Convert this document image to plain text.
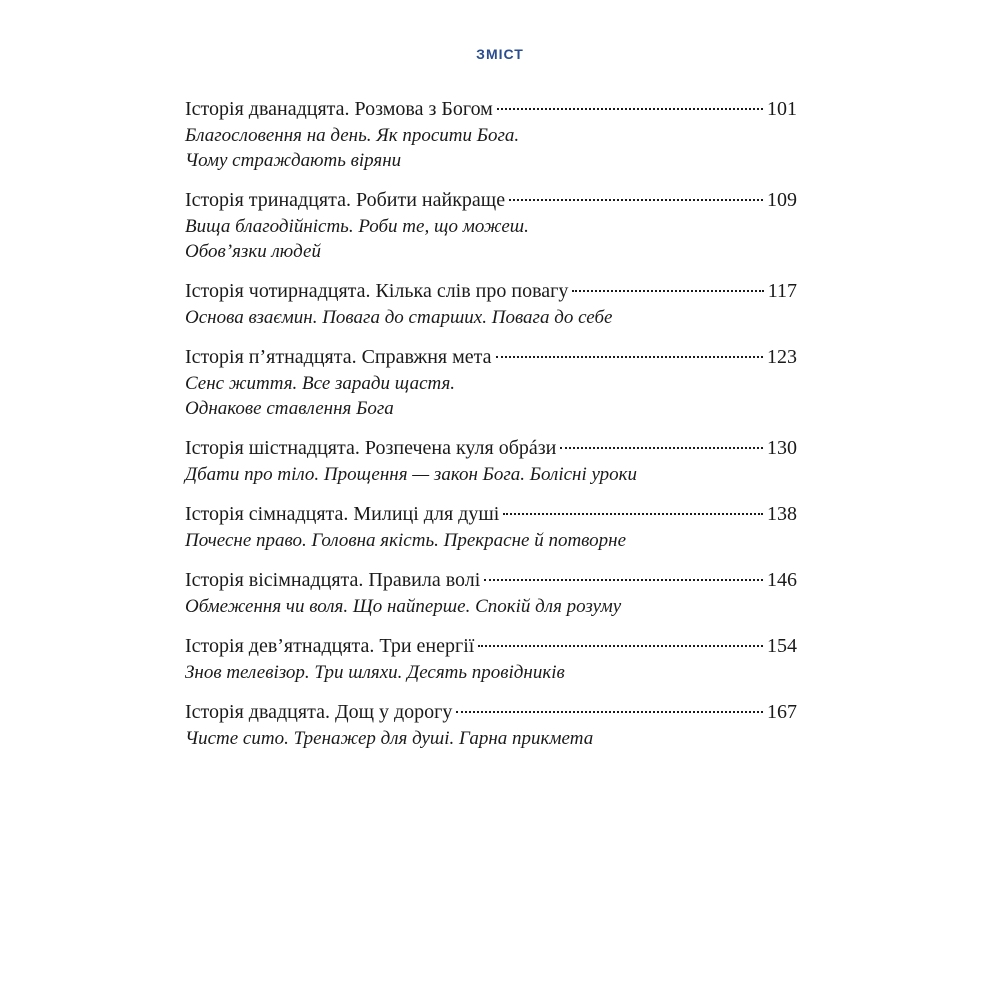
ЗМІСТ
Історія дванадцята. Розмова з Богом	101
Благословення на день. Як просити Бога.
Чому страждають віряни
Історія тринадцята. Робити найкраще	109
Вища благодійність. Роби те, що можеш.
Обов’язки людей
Історія чотирнадцята. Кілька слів про повагу	117
Основа взаємин. Повага до старших. Повага до себе
Історія п’ятнадцята. Справжня мета	123
Сенс життя. Все заради щастя.
Однакове ставлення Бога
Історія шістнадцята. Розпечена куля обрáзи	130
Дбати про тіло. Прощення — закон Бога. Болісні уроки
Історія сімнадцята. Милиці для душі	138
Почесне право. Головна якість. Прекрасне й потворне
Історія вісімнадцята. Правила волі	146
Обмеження чи воля. Що найперше. Спокій для розуму
Історія дев’ятнадцята. Три енергії	154
Знов телевізор. Три шляхи. Десять провідників
Історія двадцята. Дощ у дорогу	167
Чисте сито. Тренажер для душі. Гарна прикмета
